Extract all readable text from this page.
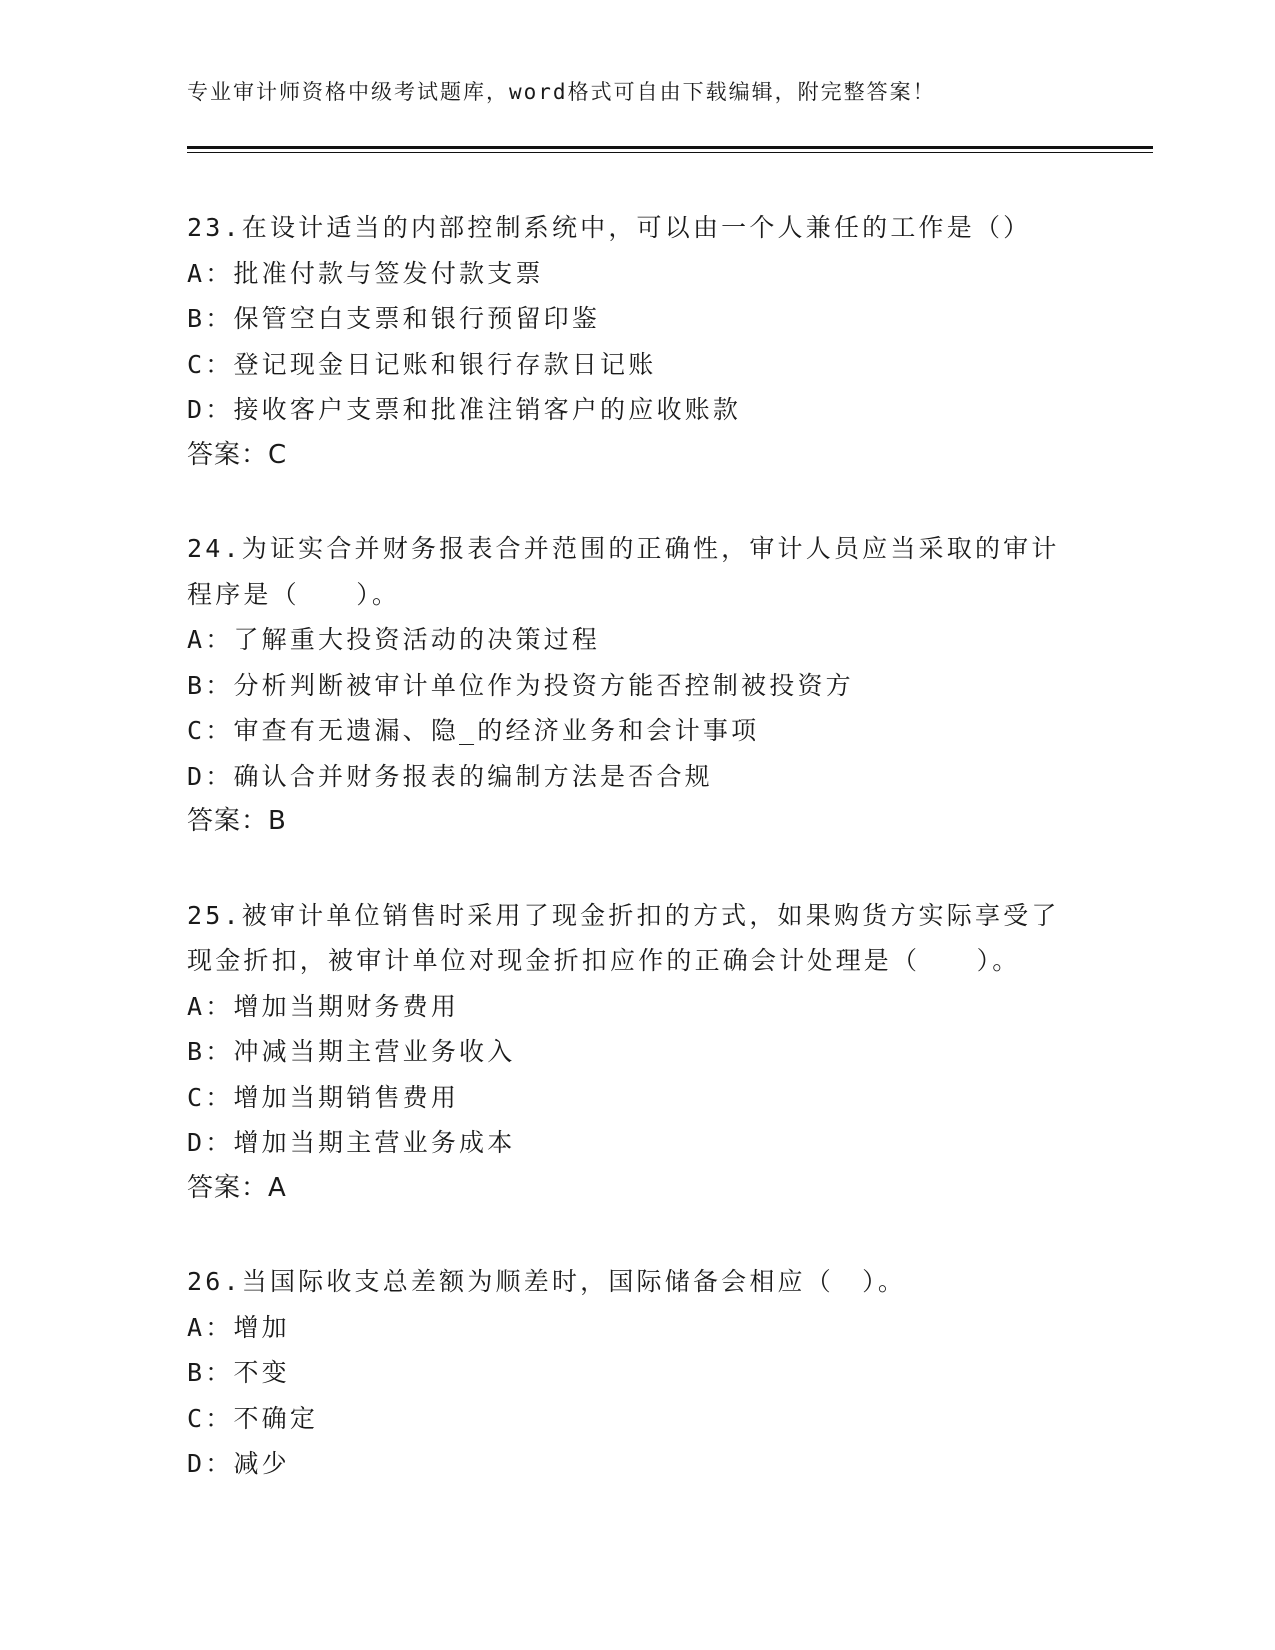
专业审计师资格中级考试题库，word格式可自由下载编辑，附完整答案！
23.在设计适当的内部控制系统中，可以由一个人兼任的工作是（）
A：批准付款与签发付款支票
B：保管空白支票和银行预留印鉴
C：登记现金日记账和银行存款日记账
D：接收客户支票和批准注销客户的应收账款
答案：C
24.为证实合并财务报表合并范围的正确性，审计人员应当采取的审计
程序是（　　）。
A：了解重大投资活动的决策过程
B：分析判断被审计单位作为投资方能否控制被投资方
C：审查有无遗漏、隐_的经济业务和会计事项
D：确认合并财务报表的编制方法是否合规
答案：B
25.被审计单位销售时采用了现金折扣的方式，如果购货方实际享受了
现金折扣，被审计单位对现金折扣应作的正确会计处理是（　　）。
A：增加当期财务费用
B：冲减当期主营业务收入
C：增加当期销售费用
D：增加当期主营业务成本
答案：A
26.当国际收支总差额为顺差时，国际储备会相应（　）。
A：增加
B：不变
C：不确定
D：减少
